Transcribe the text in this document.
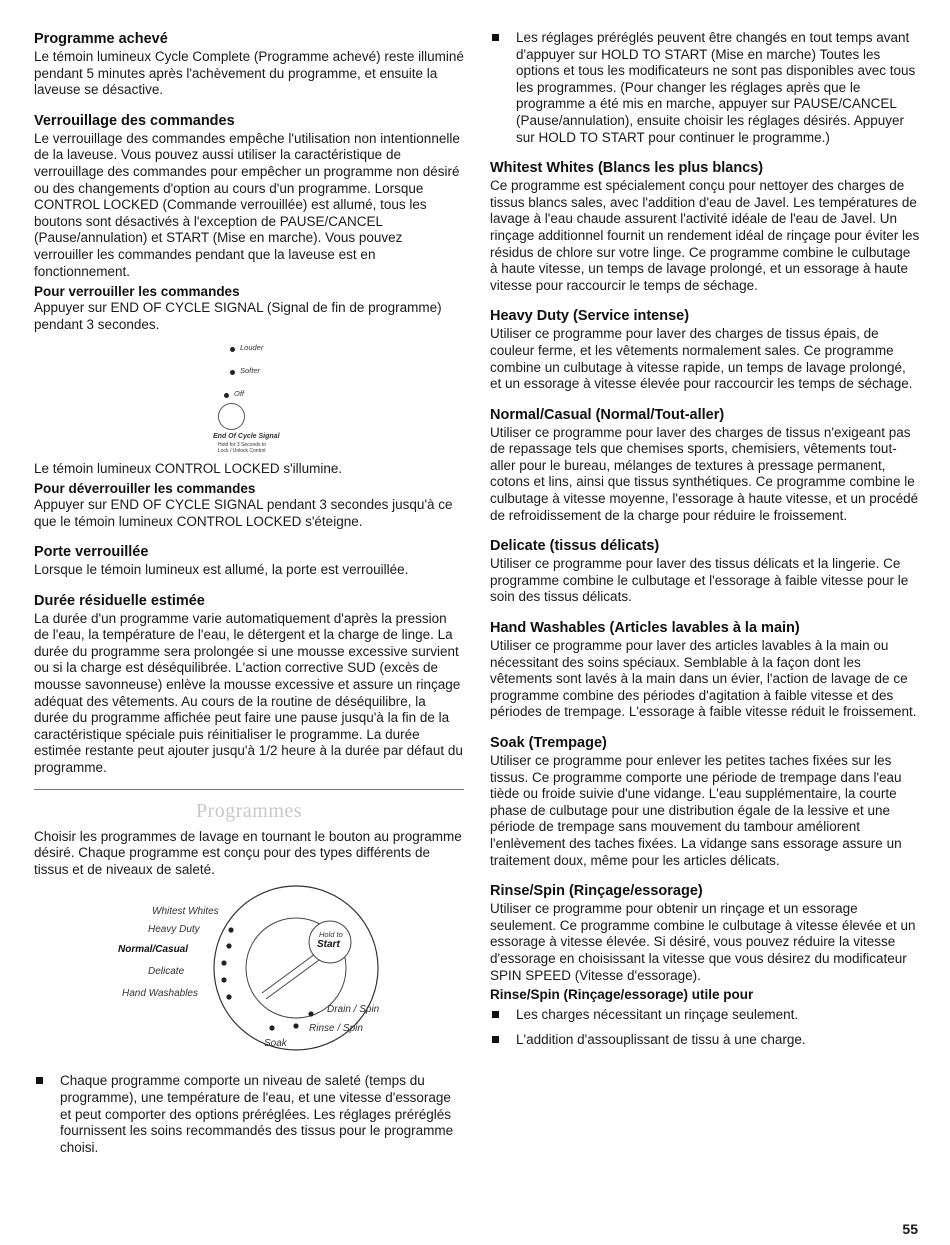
Programme achevé

Le témoin lumineux Cycle Complete (Programme achevé) reste illuminé pendant 5 minutes après l'achèvement du programme, et ensuite la laveuse se désactive.

Verrouillage des commandes

Le verrouillage des commandes empêche l'utilisation non intentionnelle de la laveuse. Vous pouvez aussi utiliser la caractéristique de verrouillage des commandes pour empêcher un programme non désiré ou des changements d'option au cours d'un programme. Lorsque CONTROL LOCKED (Commande verrouillée) est allumé, tous les boutons sont désactivés à l'exception de PAUSE/CANCEL (Pause/annulation) et START (Mise en marche). Vous pouvez verrouiller les commandes pendant que la laveuse est en fonctionnement.

Pour verrouiller les commandes

Appuyer sur END OF CYCLE SIGNAL (Signal de fin de programme) pendant 3 secondes.

Louder
Softer
Off
End Of Cycle Signal
Hold for 3 Seconds to
Lock / Unlock Control

Le témoin lumineux CONTROL LOCKED s'illumine.

Pour déverrouiller les commandes

Appuyer sur END OF CYCLE SIGNAL pendant 3 secondes jusqu'à ce que le témoin lumineux CONTROL LOCKED s'éteigne.

Porte verrouillée

Lorsque le témoin lumineux est allumé, la porte est verrouillée.

Durée résiduelle estimée

La durée d'un programme varie automatiquement d'après la pression de l'eau, la température de l'eau, le détergent et la charge de linge. La durée du programme sera prolongée si une mousse excessive survient ou si la charge est déséquilibrée. L'action corrective SUD (excès de mousse savonneuse) enlève la mousse excessive et assure un rinçage adéquat des vêtements. Au cours de la routine de déséquilibre, la durée du programme affichée peut faire une pause jusqu'à la fin de la caractéristique spéciale puis réinitialiser le programme. La durée estimée restante peut ajouter jusqu'à 1/2 heure à la durée par défaut du programme.

Programmes

Choisir les programmes de lavage en tournant le bouton au programme désiré. Chaque programme est conçu pour des types différents de tissus et de niveaux de saleté.

Whitest Whites
Heavy Duty
Normal/Casual
Delicate
Hand Washables
Drain / Spin
Rinse / Spin
Soak
Hold to
Start
Chaque programme comporte un niveau de saleté (temps du programme), une température de l'eau, et une vitesse d'essorage et peut comporter des options préréglées. Les réglages préréglés fournissent les soins recommandés des tissus pour le programme choisi.
Les réglages préréglés peuvent être changés en tout temps avant d'appuyer sur HOLD TO START (Mise en marche) Toutes les options et tous les modificateurs ne sont pas disponibles avec tous les programmes. (Pour changer les réglages après que le programme a été mis en marche, appuyer sur PAUSE/CANCEL (Pause/annulation), ensuite choisir les réglages désirés. Appuyer sur HOLD TO START pour continuer le programme.)
Whitest Whites (Blancs les plus blancs)

Ce programme est spécialement conçu pour nettoyer des charges de tissus blancs sales, avec l'addition d'eau de Javel. Les températures de lavage à l'eau chaude assurent l'activité idéale de l'eau de Javel. Un rinçage additionnel fournit un rendement idéal de rinçage pour éviter les résidus de chlore sur votre linge. Ce programme combine le culbutage à haute vitesse, un temps de lavage prolongé, et un essorage à haute vitesse pour raccourcir le temps de séchage.

Heavy Duty (Service intense)

Utiliser ce programme pour laver des charges de tissus épais, de couleur ferme, et les vêtements normalement sales. Ce programme combine un culbutage à vitesse rapide, un temps de lavage prolongé, et un essorage à vitesse élevée pour raccourcir les temps de séchage.

Normal/Casual (Normal/Tout-aller)

Utiliser ce programme pour laver des charges de tissus n'exigeant pas de repassage tels que chemises sports, chemisiers, vêtements tout-aller pour le bureau, mélanges de textures à pressage permanent, cotons et lins, ainsi que tissus synthétiques. Ce programme combine le culbutage à vitesse moyenne, l'essorage à haute vitesse, et un procédé de refroidissement de la charge pour réduire le froissement.

Delicate (tissus délicats)

Utiliser ce programme pour laver des tissus délicats et la lingerie. Ce programme combine le culbutage et l'essorage à faible vitesse pour le soin des tissus délicats.

Hand Washables (Articles lavables à la main)

Utiliser ce programme pour laver des articles lavables à la main ou nécessitant des soins spéciaux. Semblable à la façon dont les vêtements sont lavés à la main dans un évier, l'action de lavage de ce programme combine des périodes d'agitation à faible vitesse et des périodes de trempage. L'essorage à faible vitesse réduit le froissement.

Soak (Trempage)

Utiliser ce programme pour enlever les petites taches fixées sur les tissus. Ce programme comporte une période de trempage dans l'eau tiède ou froide suivie d'une vidange. L'eau supplémentaire, la courte phase de culbutage pour une distribution égale de la lessive et une période de trempage sans mouvement du tambour améliorent l'enlèvement des taches fixées. La vidange sans essorage assure un traitement doux, même pour les articles délicats.

Rinse/Spin (Rinçage/essorage)

Utiliser ce programme pour obtenir un rinçage et un essorage seulement. Ce programme combine le culbutage à vitesse élevée et un essorage à vitesse élevée. Si désiré, vous pouvez réduire la vitesse d'essorage en choisissant la vitesse que vous désirez du modificateur SPIN SPEED (Vitesse d'essorage).

Rinse/Spin (Rinçage/essorage) utile pour
Les charges nécessitant un rinçage seulement.
L'addition d'assouplissant de tissu à une charge.
55
